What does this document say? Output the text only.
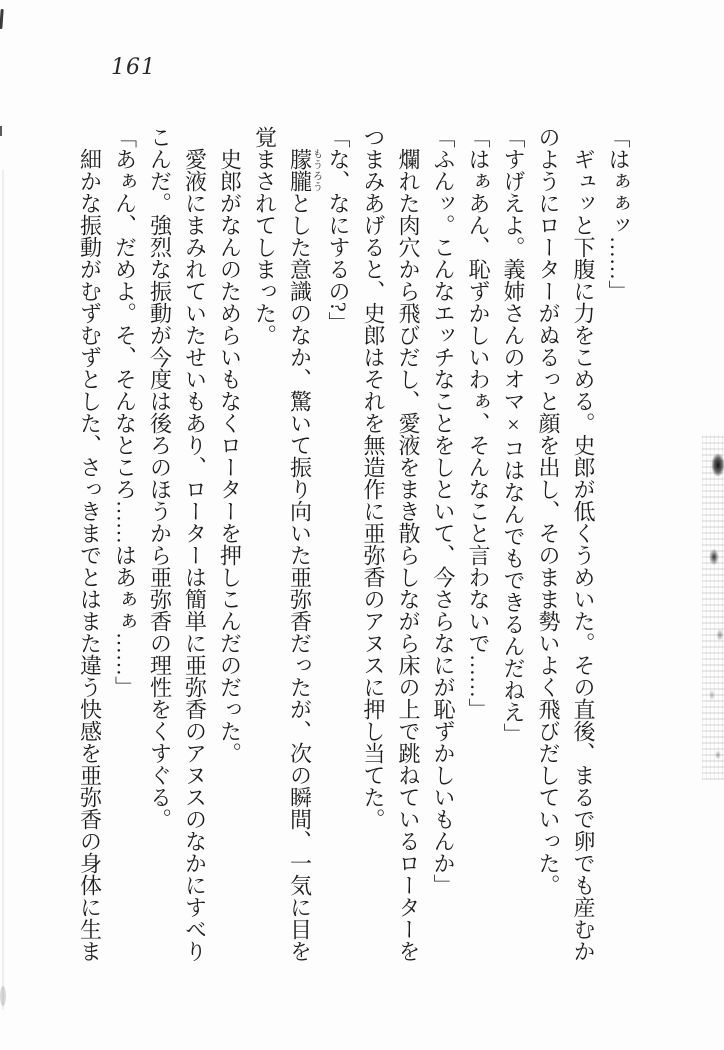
161

「はぁぁッ……」

ギュッと下腹に力をこめる。史郎が低くうめいた。その直後、まるで卵でも産むか

のようにローターがぬるっと顔を出し、そのまま勢いよく飛びだしていった。

「すげえよ。義姉さんのオマ×コはなんでもできるんだねえ」

「はぁあん、恥ずかしいわぁ、そんなこと言わないで……」

「ふんッ。こんなエッチなことをしといて、今さらなにが恥ずかしいもんか」

爛れた肉穴から飛びだし、愛液をまき散らしながら床の上で跳ねているローターを

つまみあげると、史郎はそれを無造作に亜弥香のアヌスに押し当てた。

「な、なにするの?」

朦朧もうろうとした意識のなか、驚いて振り向いた亜弥香だったが、次の瞬間、一気に目を

覚まされてしまった。

史郎がなんのためらいもなくローターを押しこんだのだった。

愛液にまみれていたせいもあり、ローターは簡単に亜弥香のアヌスのなかにすべり

こんだ。強烈な振動が今度は後ろのほうから亜弥香の理性をくすぐる。

「あぁん、だめよ。そ、そんなところ……はあぁぁ……」

細かな振動がむずむずとした、さっきまでとはまた違う快感を亜弥香の身体に生ま
